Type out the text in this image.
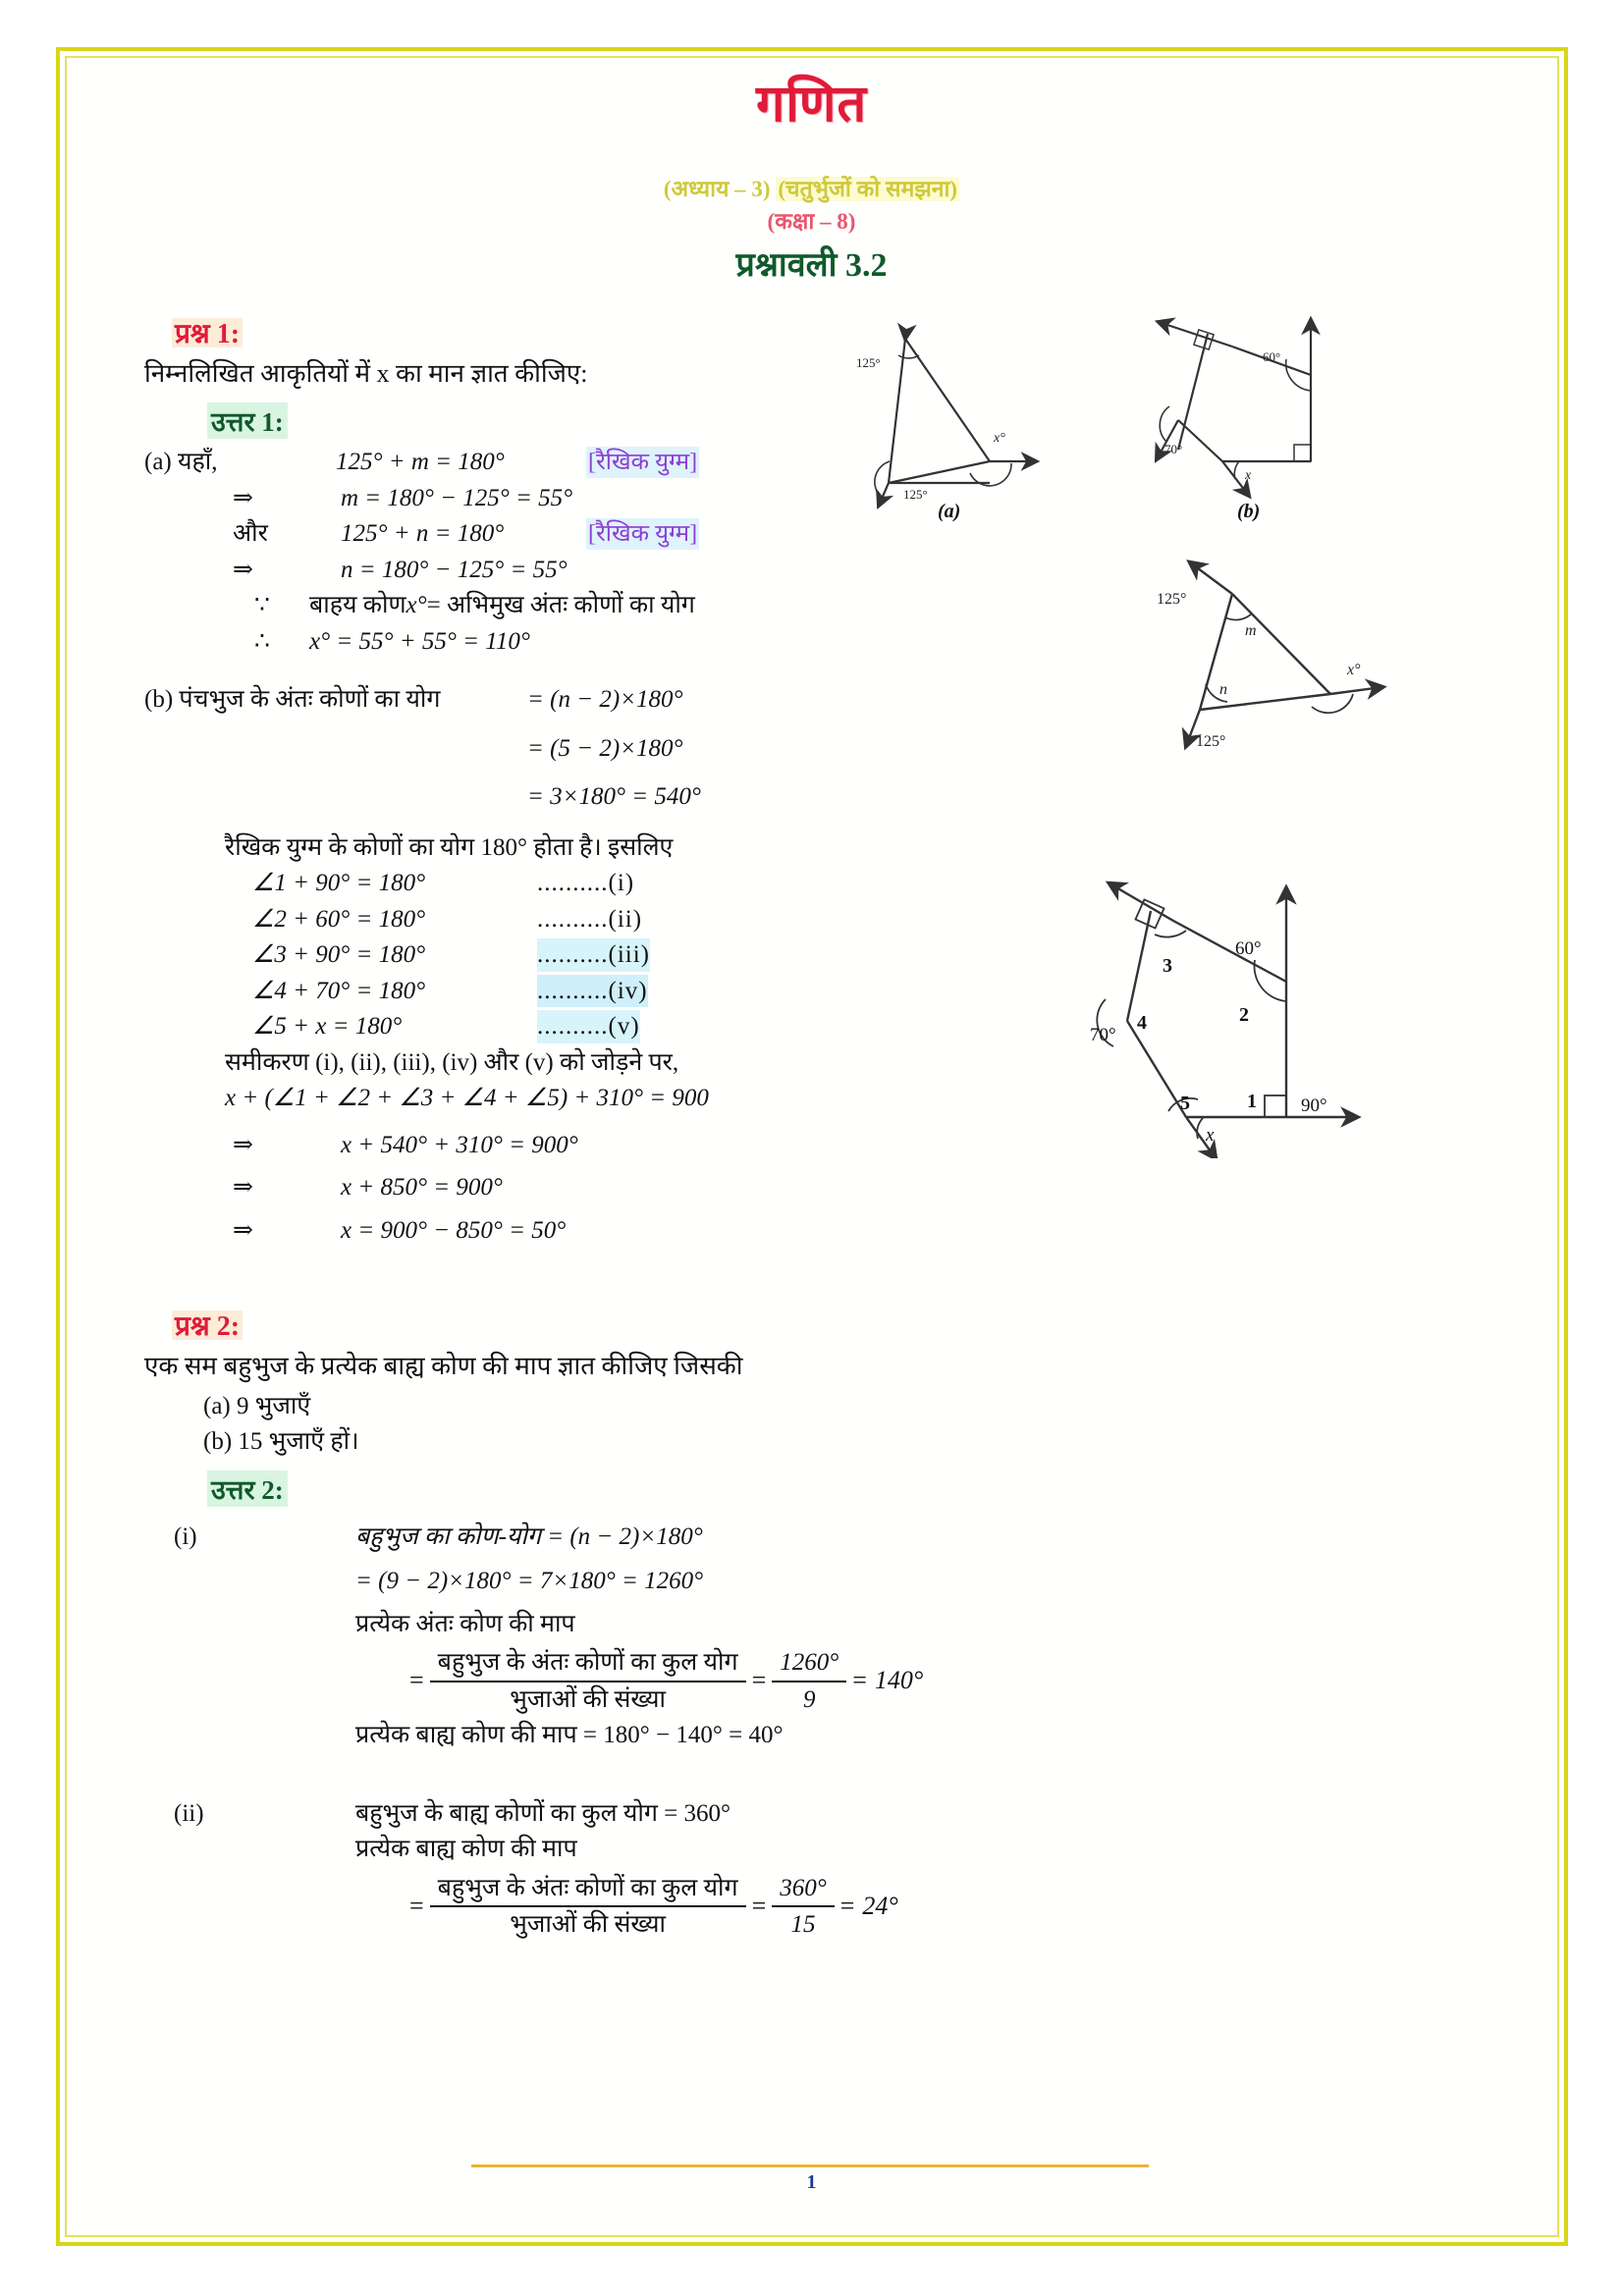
गणित
(अध्याय – 3) (चतुर्भुजों को समझना)
(कक्षा – 8)
प्रश्नावली 3.2
प्रश्न 1:
निम्नलिखित आकृतियों में x का मान ज्ञात कीजिए:
उत्तर 1:
(a) यहाँ,	125° + m = 180°	[रैखिक युग्म]
⇒	m = 180° − 125° = 55°
और	125° + n = 180°	[रैखिक युग्म]
⇒	n = 180° − 125° = 55°
∵	बाहय कोण x° = अभिमुख अंतः कोणों का योग
∴	x° = 55° + 55° = 110°
(b) पंचभुज के अंतः कोणों का योग	= (n − 2)×180°
= (5 − 2)×180°
= 3×180° = 540°
रैखिक युग्म के कोणों का योग 180° होता है। इसलिए
∠1 + 90° = 180°	..........(i)
∠2 + 60° = 180°	..........(ii)
∠3 + 90° = 180°	..........(iii)
∠4 + 70° = 180°	..........(iv)
∠5 + x = 180°	..........(v)
समीकरण (i), (ii), (iii), (iv) और (v) को जोड़ने पर,
x + (∠1 + ∠2 + ∠3 + ∠4 + ∠5) + 310° = 900
⇒	x + 540° + 310° = 900°
⇒	x + 850° = 900°
⇒	x = 900° − 850° = 50°
प्रश्न 2:
एक सम बहुभुज के प्रत्येक बाह्य कोण की माप ज्ञात कीजिए जिसकी
(a) 9 भुजाएँ
(b) 15 भुजाएँ हों।
उत्तर 2:
(i)	बहुभुज का कोण-योग = (n − 2)×180°
= (9 − 2)×180° = 7×180° = 1260°
प्रत्येक अंतः कोण की माप
= $\frac{\text{बहुभुज के अंतः कोणों का कुल योग}}{\text{भुजाओं की संख्या}} = \frac{1260^\circ}{9} = 140^\circ$
प्रत्येक बाह्य कोण की माप = 180° − 140° = 40°
(ii)	बहुभुज के बाह्य कोणों का कुल योग = 360°
प्रत्येक बाह्य कोण की माप
= $\frac{\text{बहुभुज के अंतः कोणों का कुल योग}}{\text{भुजाओं की संख्या}} = \frac{360^\circ}{15} = 24^\circ$
125°
125°
x°
(a)
60°
70°
x
(b)
125°
m
n
125°
x°
60°
70°
90°
1
2
3
4
5
x
1
